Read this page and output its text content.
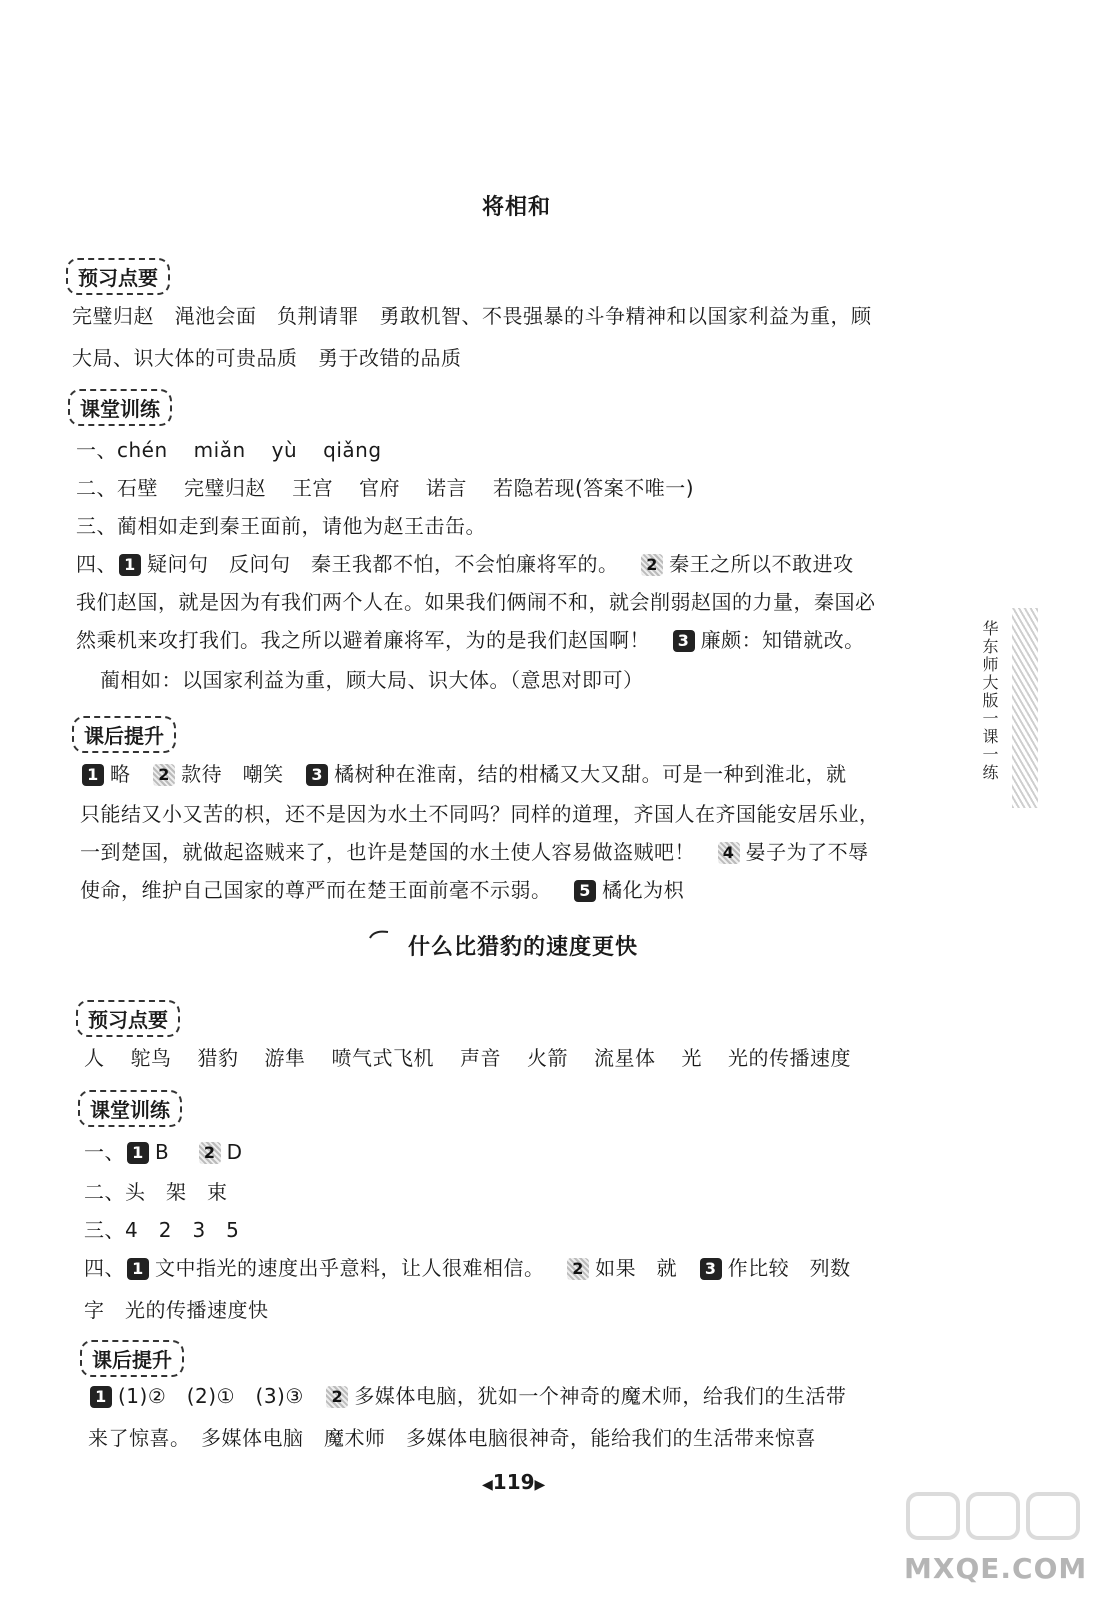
将相和
预习点要
完璧归赵　渑池会面　负荆请罪　勇敢机智、不畏强暴的斗争精神和以国家利益为重，顾
大局、识大体的可贵品质　勇于改错的品质
课堂训练
一、chén miǎn yù qiǎng
二、石壁 完璧归赵 王宫 官府 诺言 若隐若现(答案不唯一)
三、蔺相如走到秦王面前，请他为赵王击缶。
四、 1 疑问句　反问句　秦王我都不怕，不会怕廉将军的。 2 秦王之所以不敢进攻
我们赵国，就是因为有我们两个人在。如果我们俩闹不和，就会削弱赵国的力量，秦国必
然乘机来攻打我们。我之所以避着廉将军，为的是我们赵国啊！ 3 廉颇：知错就改。
蔺相如：以国家利益为重，顾大局、识大体。（意思对即可）
课后提升
1 略 2 款待　嘲笑 3 橘树种在淮南，结的柑橘又大又甜。可是一种到淮北，就
只能结又小又苦的枳，还不是因为水土不同吗？同样的道理，齐国人在齐国能安居乐业，
一到楚国，就做起盗贼来了，也许是楚国的水土使人容易做盗贼吧！ 4 晏子为了不辱
使命，维护自己国家的尊严而在楚王面前毫不示弱。 5 橘化为枳
什么比猎豹的速度更快
预习点要
人 鸵鸟 猎豹 游隼 喷气式飞机 声音 火箭 流星体 光 光的传播速度
课堂训练
一、 1 B 2 D
二、头　架　束
三、4　2　3　5
四、 1 文中指光的速度出乎意料，让人很难相信。 2 如果　就 3 作比较　列数
字　光的传播速度快
课后提升
1 (1)②　(2)①　(3)③ 2 多媒体电脑，犹如一个神奇的魔术师，给我们的生活带
来了惊喜。　多媒体电脑　魔术师　多媒体电脑很神奇，能给我们的生活带来惊喜
华东师大版一课一练
◀119▶
MXQE.COM
